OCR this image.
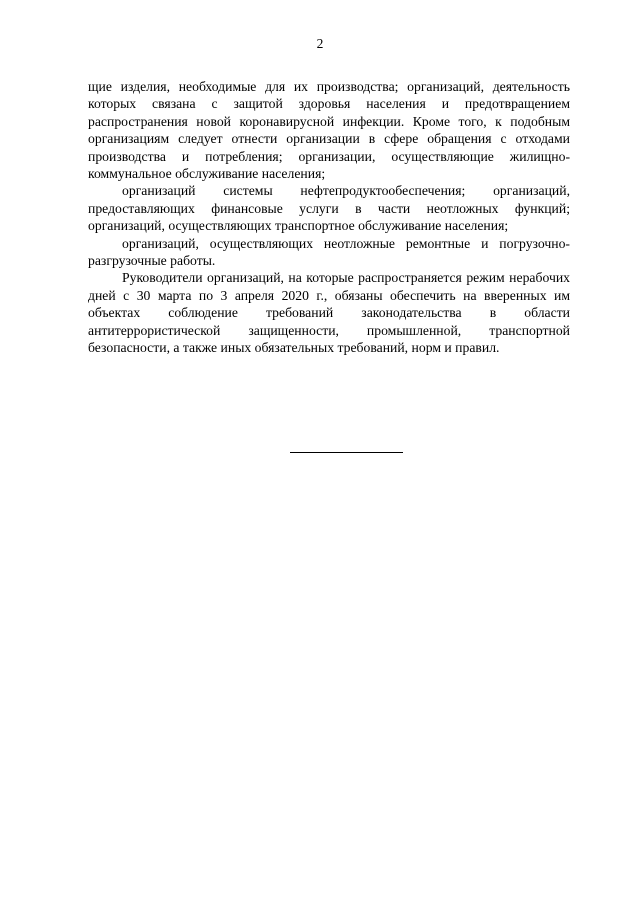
2

щие изделия, необходимые для их производства; организаций, деятельность которых связана с защитой здоровья населения и предотвращением распространения новой коронавирусной инфекции. Кроме того, к подобным организациям следует отнести организации в сфере обращения с отходами производства и потребления; организации, осуществляющие жилищно-коммунальное обслуживание населения;

организаций системы нефтепродуктообеспечения; организаций, предоставляющих финансовые услуги в части неотложных функций; организаций, осуществляющих транспортное обслуживание населения;

организаций, осуществляющих неотложные ремонтные и погрузочно-разгрузочные работы.

Руководители организаций, на которые распространяется режим нерабочих дней с 30 марта по 3 апреля 2020 г., обязаны обеспечить на вверенных им объектах соблюдение требований законодательства в области антитеррористической защищенности, промышленной, транспортной безопасности, а также иных обязательных требований, норм и правил.
